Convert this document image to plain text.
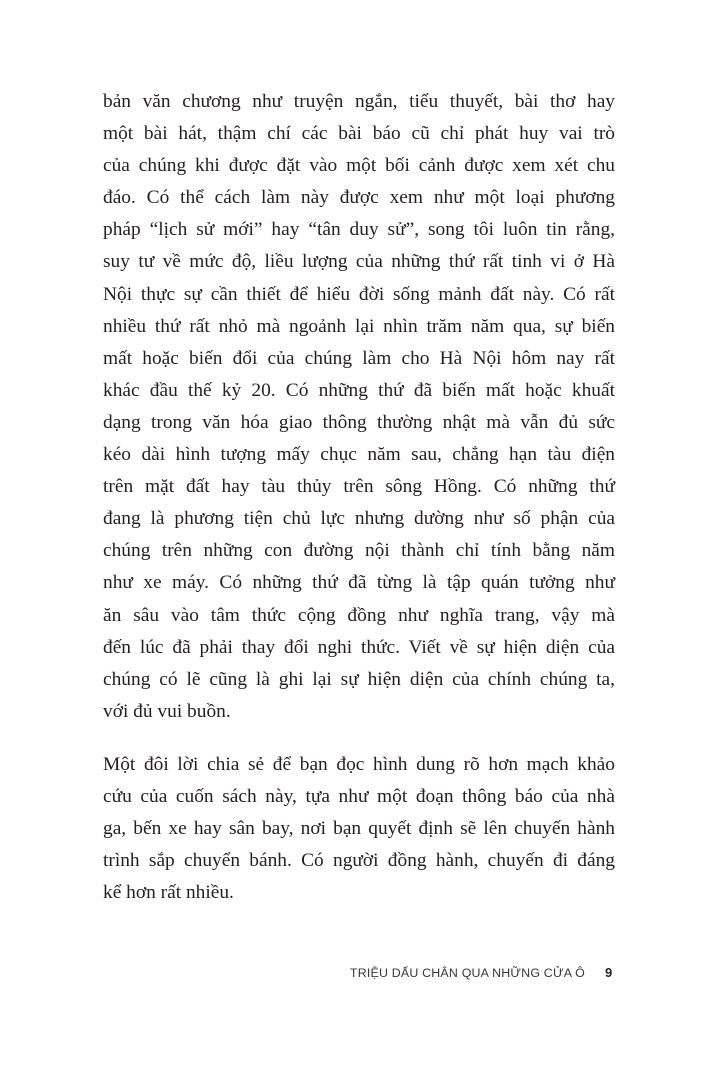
bản văn chương như truyện ngắn, tiểu thuyết, bài thơ hay
một bài hát, thậm chí các bài báo cũ chỉ phát huy vai trò
của chúng khi được đặt vào một bối cảnh được xem xét chu
đáo. Có thể cách làm này được xem như một loại phương
pháp “lịch sử mới” hay “tân duy sử”, song tôi luôn tin rằng,
suy tư về mức độ, liều lượng của những thứ rất tinh vi ở Hà
Nội thực sự cần thiết để hiểu đời sống mảnh đất này. Có rất
nhiều thứ rất nhỏ mà ngoảnh lại nhìn trăm năm qua, sự biến
mất hoặc biến đổi của chúng làm cho Hà Nội hôm nay rất
khác đầu thế kỷ 20. Có những thứ đã biến mất hoặc khuất
dạng trong văn hóa giao thông thường nhật mà vẫn đủ sức
kéo dài hình tượng mấy chục năm sau, chẳng hạn tàu điện
trên mặt đất hay tàu thủy trên sông Hồng. Có những thứ
đang là phương tiện chủ lực nhưng dường như số phận của
chúng trên những con đường nội thành chỉ tính bằng năm
như xe máy. Có những thứ đã từng là tập quán tưởng như
ăn sâu vào tâm thức cộng đồng như nghĩa trang, vậy mà
đến lúc đã phải thay đổi nghi thức. Viết về sự hiện diện của
chúng có lẽ cũng là ghi lại sự hiện diện của chính chúng ta,
với đủ vui buồn.
Một đôi lời chia sẻ để bạn đọc hình dung rõ hơn mạch khảo
cứu của cuốn sách này, tựa như một đoạn thông báo của nhà
ga, bến xe hay sân bay, nơi bạn quyết định sẽ lên chuyến hành
trình sắp chuyển bánh. Có người đồng hành, chuyến đi đáng
kể hơn rất nhiều.
TRIỆU DẤU CHÂN QUA NHỮNG CỬA Ô 9
